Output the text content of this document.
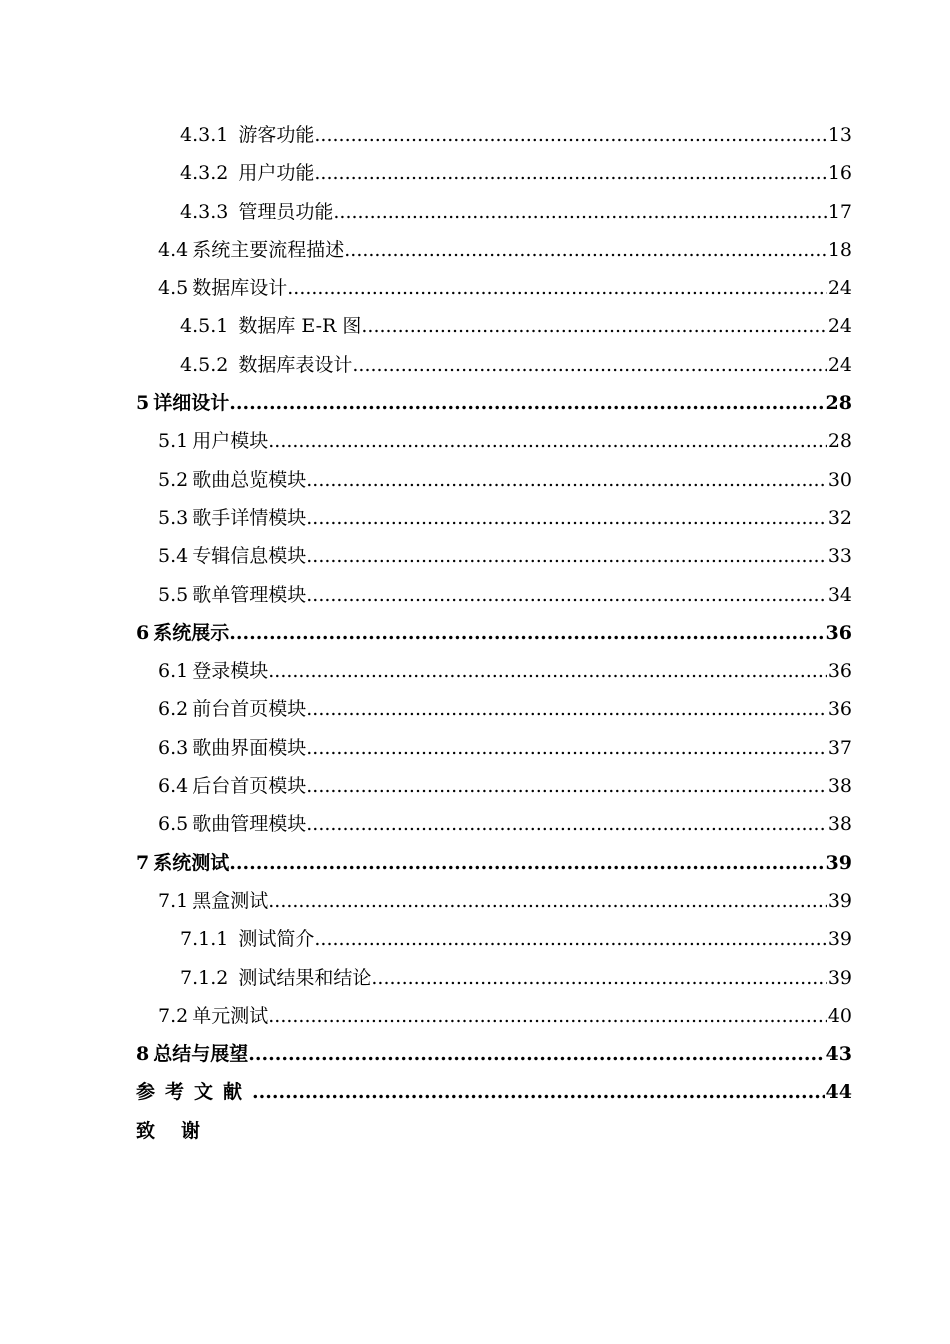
4.3.1 游客功能 .....	13
4.3.2 用户功能 .....	16
4.3.3 管理员功能 .....	17
4.4 系统主要流程描述 .....	18
4.5 数据库设计 .....	24
4.5.1 数据库 E-R 图 .....	24
4.5.2 数据库表设计 .....	24
5 详细设计 .....	28
5.1 用户模块 .....	28
5.2 歌曲总览模块 .....	30
5.3 歌手详情模块 .....	32
5.4 专辑信息模块 .....	33
5.5 歌单管理模块 .....	34
6 系统展示 .....	36
6.1 登录模块 .....	36
6.2 前台首页模块 .....	36
6.3 歌曲界面模块 .....	37
6.4 后台首页模块 .....	38
6.5 歌曲管理模块 .....	38
7 系统测试 .....	39
7.1 黑盒测试 .....	39
7.1.1 测试简介 .....	39
7.1.2 测试结果和结论 .....	39
7.2 单元测试 .....	40
8 总结与展望 .....	43
参考文献 .....	44
致谢
